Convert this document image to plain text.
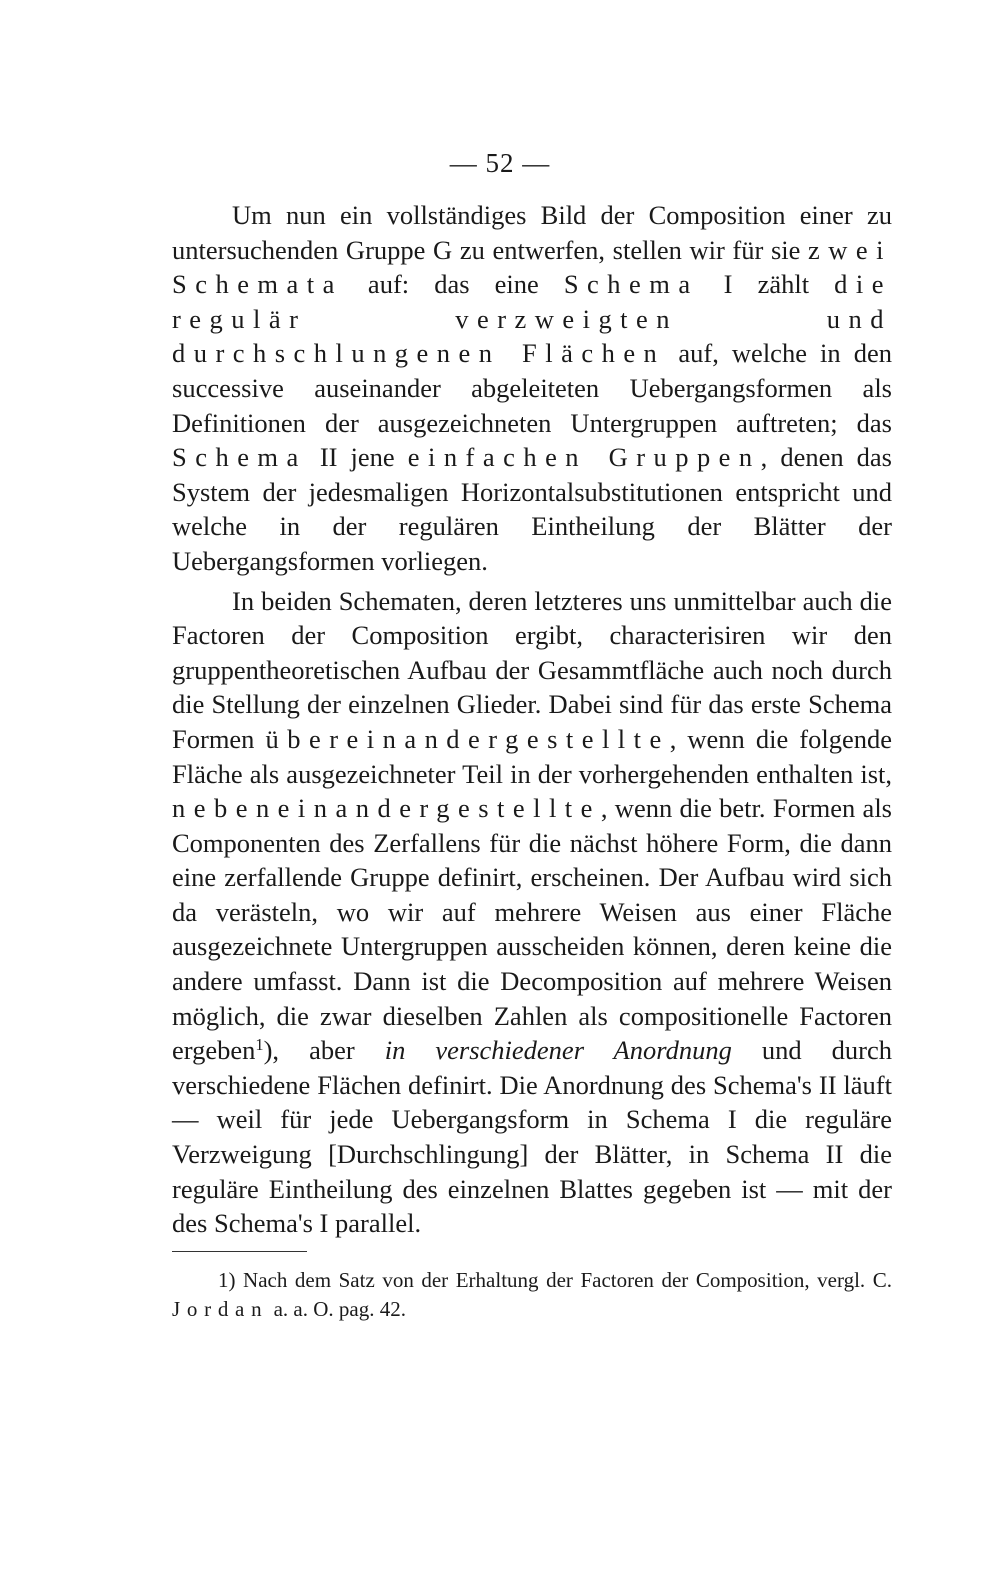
— 52 —

Um nun ein vollständiges Bild der Composition einer zu untersuchenden Gruppe G zu entwerfen, stellen wir für sie zwei Schemata auf: das eine Schema I zählt die regulär verzweigten und durchschlungenen Flächen auf, welche in den successive auseinander abgeleiteten Uebergangsformen als Definitionen der ausgezeichneten Untergruppen auftreten; das Schema II jene einfachen Gruppen, denen das System der jedesmaligen Horizontalsubstitutionen entspricht und welche in der regulären Eintheilung der Blätter der Uebergangsformen vorliegen.

In beiden Schematen, deren letzteres uns unmittelbar auch die Factoren der Composition ergibt, characterisiren wir den gruppentheoretischen Aufbau der Gesammtfläche auch noch durch die Stellung der einzelnen Glieder. Dabei sind für das erste Schema Formen übereinandergestellte, wenn die folgende Fläche als ausgezeichneter Teil in der vorhergehenden enthalten ist, nebeneinandergestellte, wenn die betr. Formen als Componenten des Zerfallens für die nächst höhere Form, die dann eine zerfallende Gruppe definirt, erscheinen. Der Aufbau wird sich da verästeln, wo wir auf mehrere Weisen aus einer Fläche ausgezeichnete Untergruppen ausscheiden können, deren keine die andere umfasst. Dann ist die Decomposition auf mehrere Weisen möglich, die zwar dieselben Zahlen als compositionelle Factoren ergeben$^1$), aber in verschiedener Anordnung und durch verschiedene Flächen definirt. Die Anordnung des Schema's II läuft — weil für jede Uebergangsform in Schema I die reguläre Verzweigung [Durchschlingung] der Blätter, in Schema II die reguläre Eintheilung des einzelnen Blattes gegeben ist — mit der des Schema's I parallel.

1) Nach dem Satz von der Erhaltung der Factoren der Composition, vergl. C. Jordan a. a. O. pag. 42.
